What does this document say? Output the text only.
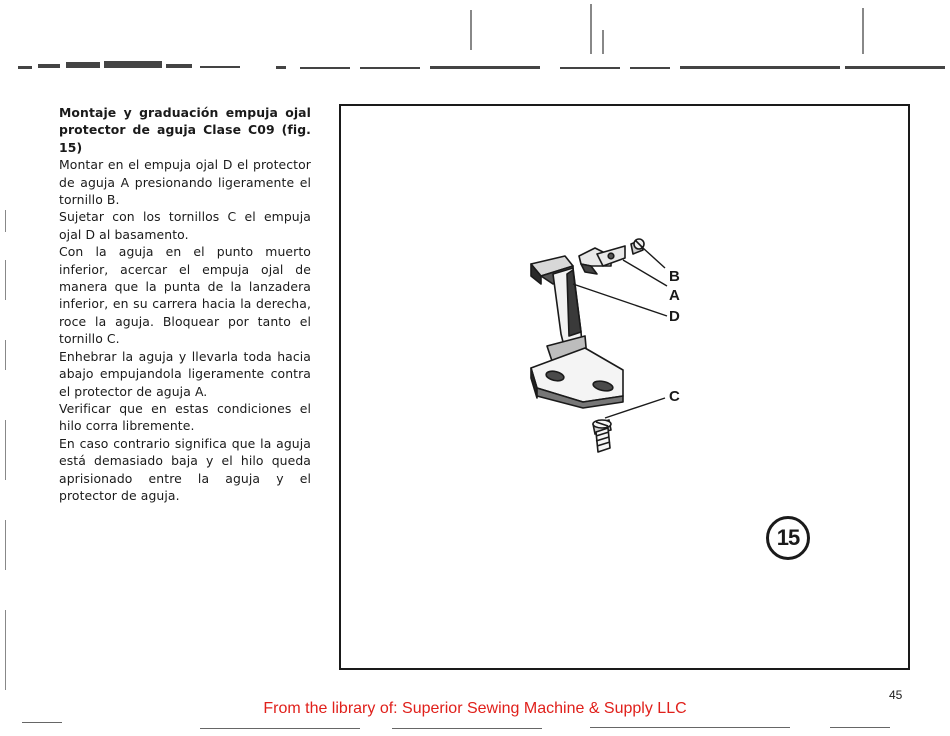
Montaje y graduación empuja ojal protector de aguja Clase C09 (fig. 15)

Montar en el empuja ojal D el protector de aguja A presionando ligeramente el tornillo B.

Sujetar con los tornillos C el empuja ojal D al basamento.

Con la aguja en el punto muerto inferior, acercar el empuja ojal de manera que la punta de la lanzadera inferior, en su carrera hacia la derecha, roce la aguja. Bloquear por tanto el tornillo C.

Enhebrar la aguja y llevarla toda hacia abajo empujandola ligeramente contra el protector de aguja A.

Verificar que en estas condiciones el hilo corra libremente.

En caso contrario significa que la aguja está demasiado baja y el hilo queda aprisionado entre la aguja y el protector de aguja.

B
A
D
C
15
45
From the library of: Superior Sewing Machine & Supply LLC
